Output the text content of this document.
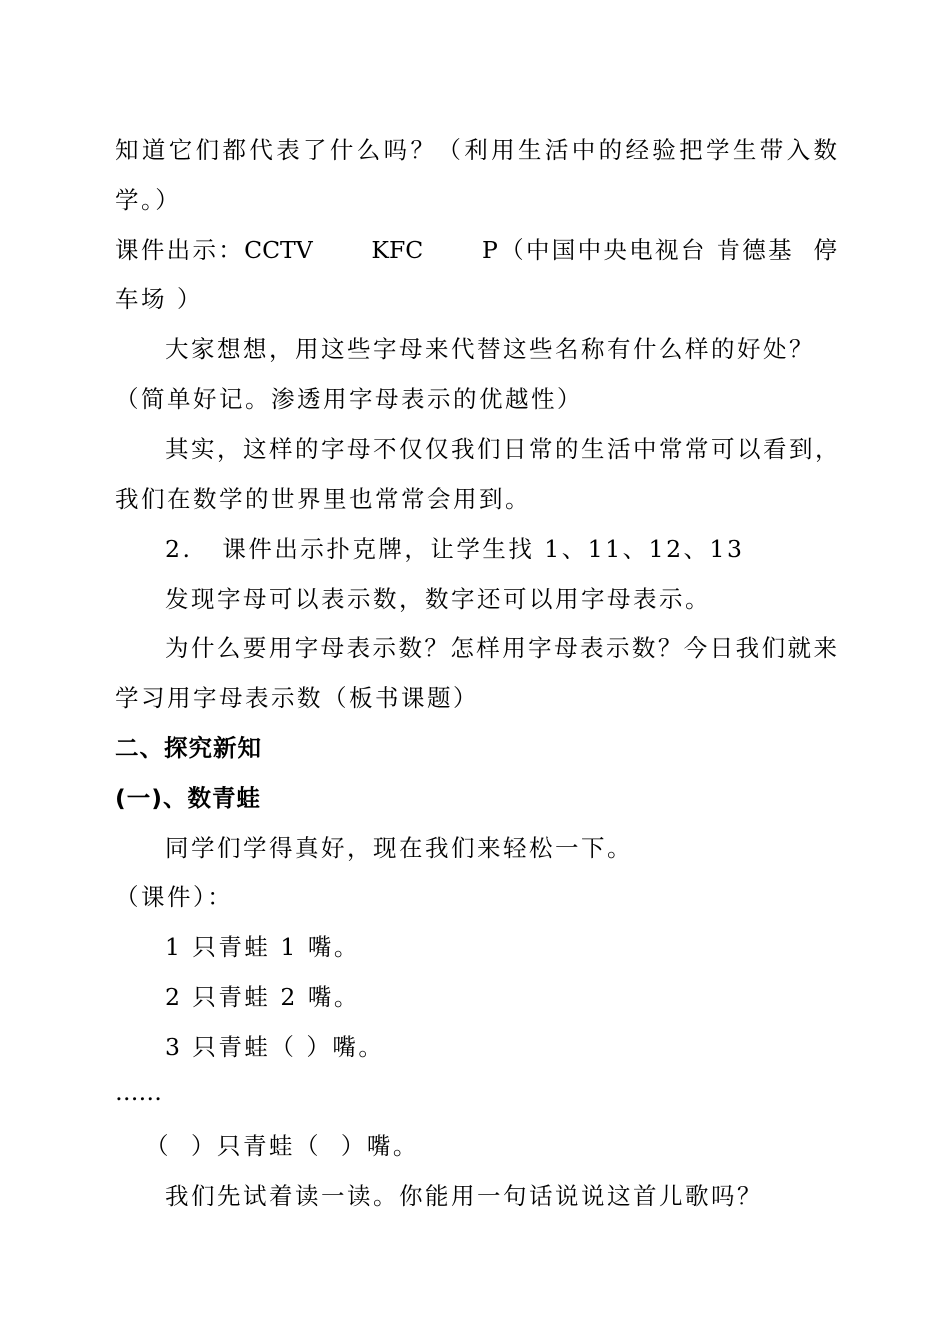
知道它们都代表了什么吗？（利用生活中的经验把学生带入数
学。）
课件出示：CCTV      KFC      P（中国中央电视台 肯德基  停
车场 ）
大家想想，用这些字母来代替这些名称有什么样的好处？
（简单好记。渗透用字母表示的优越性）
其实，这样的字母不仅仅我们日常的生活中常常可以看到，
我们在数学的世界里也常常会用到。
2.   课件出示扑克牌，让学生找 1、11、12、13
发现字母可以表示数，数字还可以用字母表示。
为什么要用字母表示数？怎样用字母表示数？今日我们就来
学习用字母表示数（板书课题）
二、探究新知
(一)、数青蛙
同学们学得真好，现在我们来轻松一下。
（课件）：
1 只青蛙 1 嘴。
2 只青蛙 2 嘴。
3 只青蛙（ ）嘴。
……
（  ）只青蛙（  ）嘴。
我们先试着读一读。你能用一句话说说这首儿歌吗？
